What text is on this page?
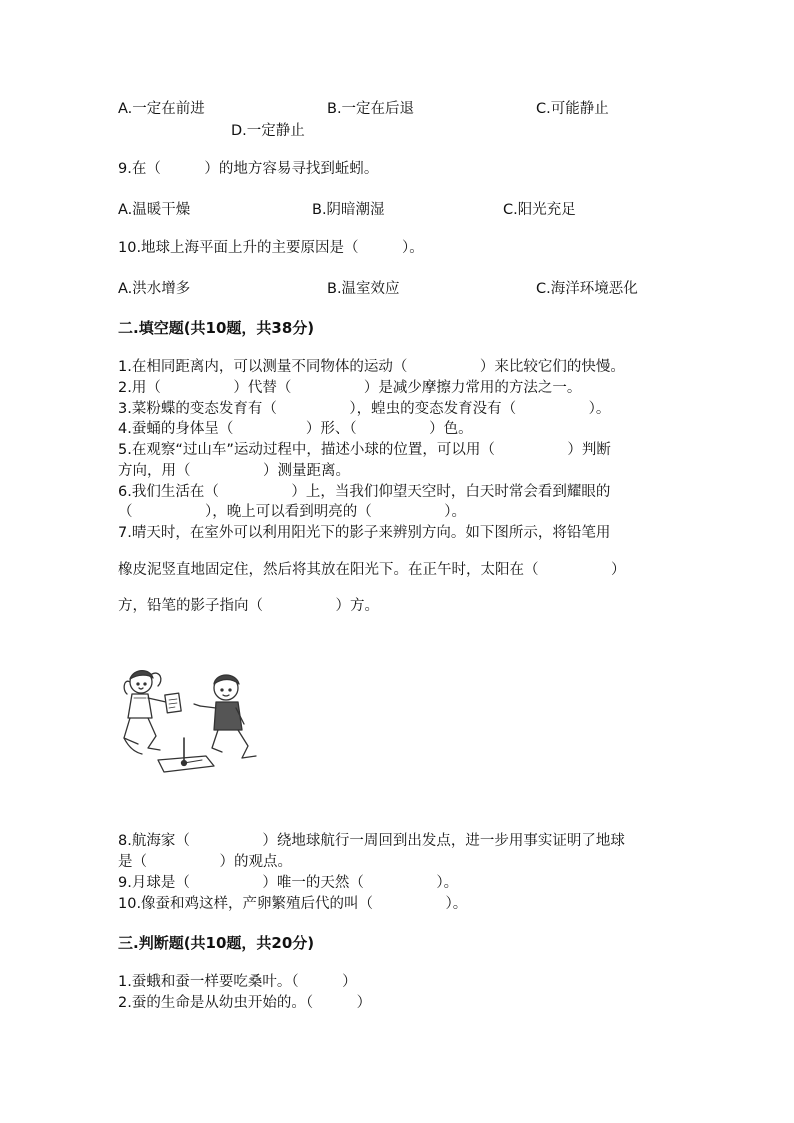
A.一定在前进	B.一定在后退	C.可能静止
D.一定静止
9.在（　　　）的地方容易寻找到蚯蚓。
A.温暖干燥	B.阴暗潮湿	C.阳光充足
10.地球上海平面上升的主要原因是（　　　）。
A.洪水增多	B.温室效应	C.海洋环境恶化
二.填空题(共10题，共38分)
1.在相同距离内，可以测量不同物体的运动（　　　　　）来比较它们的快慢。
2.用（　　　　　）代替（　　　　　）是减少摩擦力常用的方法之一。
3.菜粉蝶的变态发育有（　　　　　），蝗虫的变态发育没有（　　　　　）。
4.蚕蛹的身体呈（　　　　　）形、（　　　　　）色。
5.在观察“过山车”运动过程中，描述小球的位置，可以用（　　　　　）判断
方向，用（　　　　　）测量距离。
6.我们生活在（　　　　　）上，当我们仰望天空时，白天时常会看到耀眼的
（　　　　　），晚上可以看到明亮的（　　　　　）。
7.晴天时，在室外可以利用阳光下的影子来辨别方向。如下图所示，将铅笔用
橡皮泥竖直地固定住，然后将其放在阳光下。在正午时，太阳在（　　　　　）
方，铅笔的影子指向（　　　　　）方。
8.航海家（　　　　　）绕地球航行一周回到出发点，进一步用事实证明了地球
是（　　　　　）的观点。
9.月球是（　　　　　）唯一的天然（　　　　　）。
10.像蚕和鸡这样，产卵繁殖后代的叫（　　　　　）。
三.判断题(共10题，共20分)
1.蚕蛾和蚕一样要吃桑叶。（　　　）
2.蚕的生命是从幼虫开始的。（　　　）
